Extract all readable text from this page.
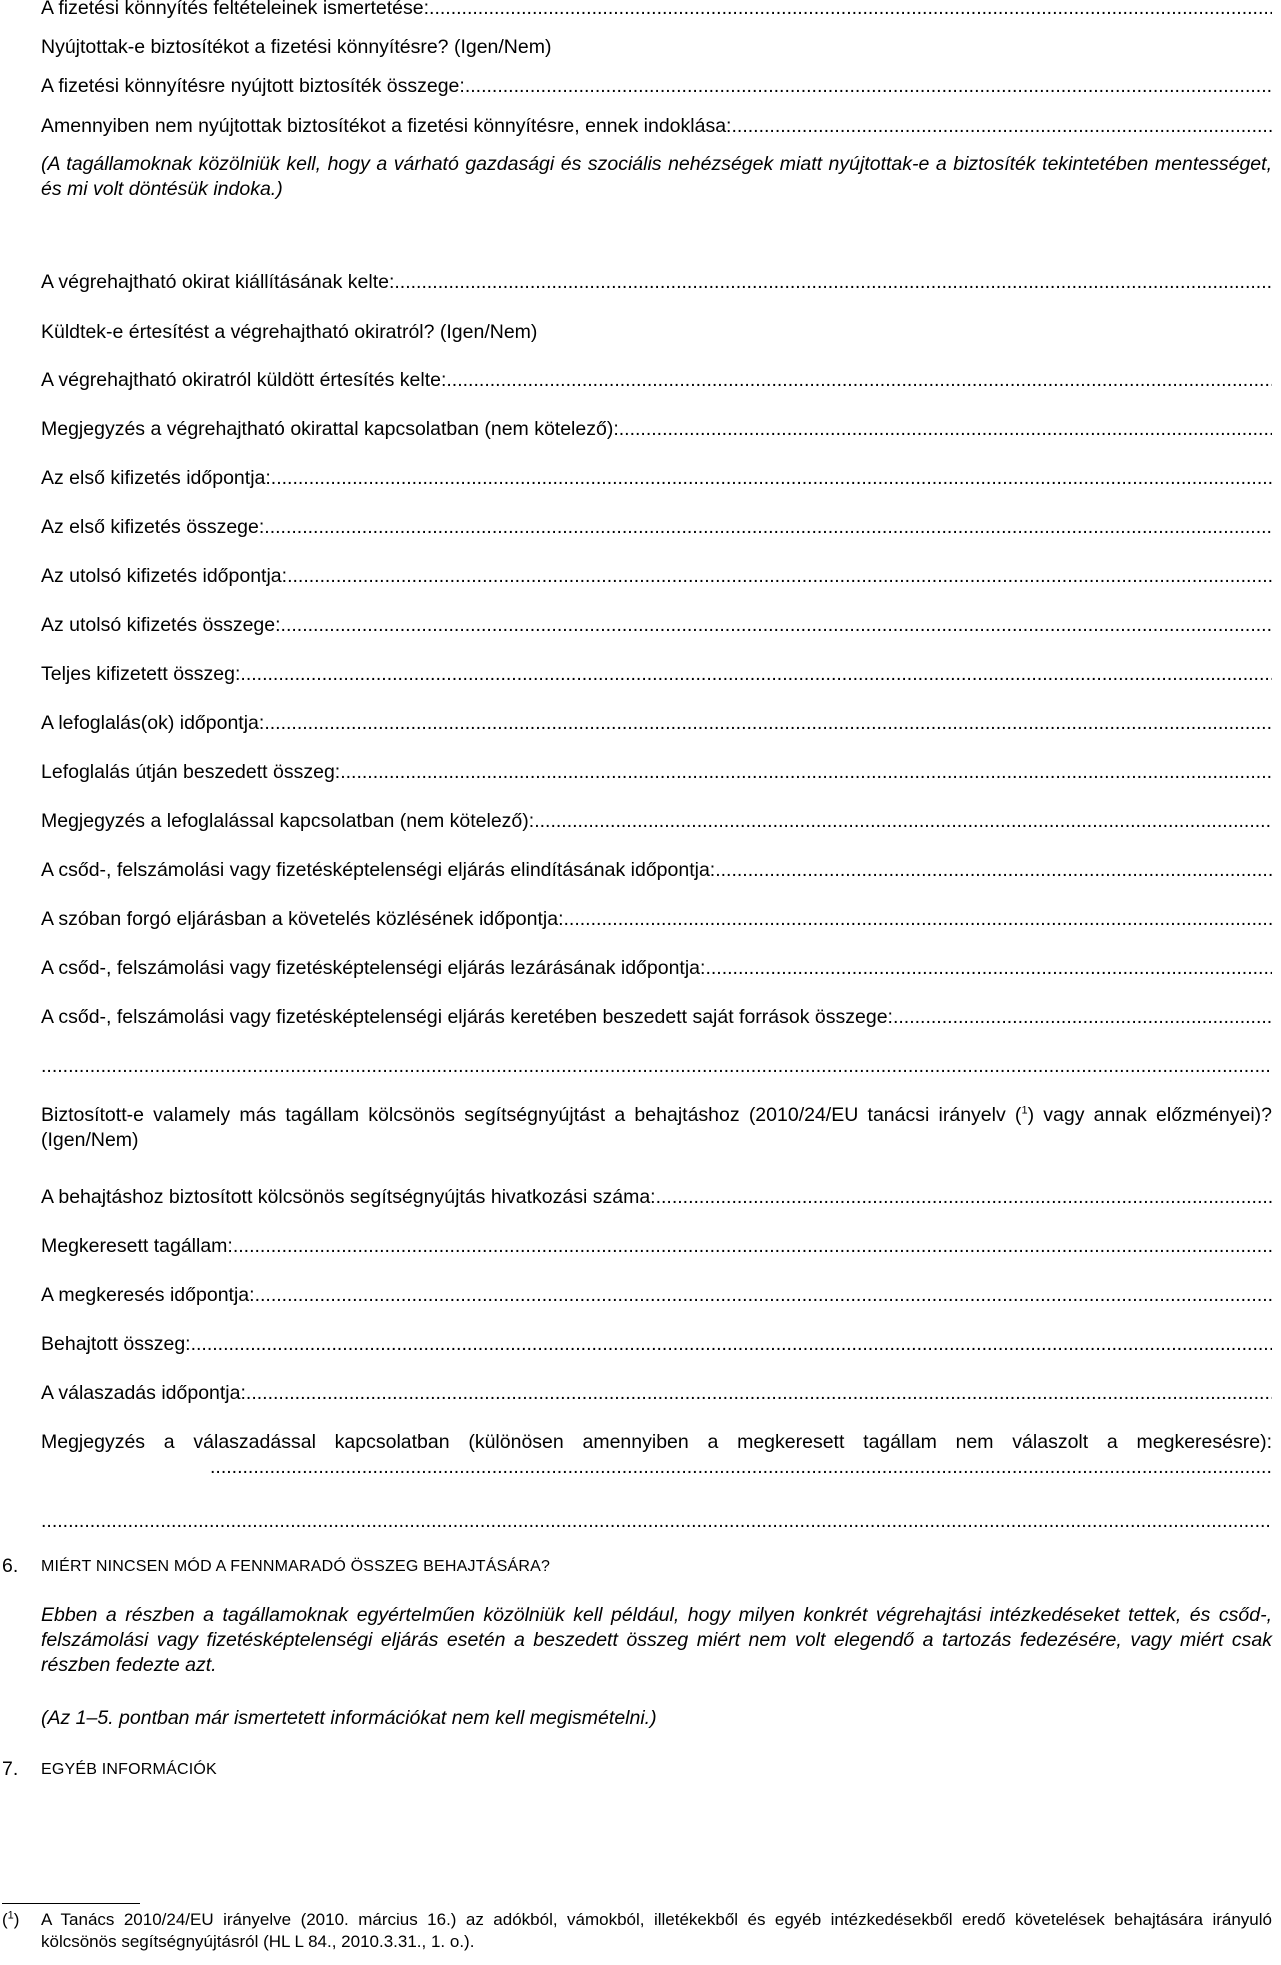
A fizetési könnyítés feltételeinek ismertetése:
.....
Nyújtottak-e biztosítékot a fizetési könnyítésre? (Igen/Nem)
A fizetési könnyítésre nyújtott biztosíték összege:
.....
Amennyiben nem nyújtottak biztosítékot a fizetési könnyítésre, ennek indoklása:
.....
(A tagállamoknak közölniük kell, hogy a várható gazdasági és szociális nehézségek miatt nyújtottak-e a biztosíték tekintetében mentességet, és mi volt döntésük indoka.)
A végrehajtható okirat kiállításának kelte:
.....
Küldtek-e értesítést a végrehajtható okiratról? (Igen/Nem)
A végrehajtható okiratról küldött értesítés kelte:
.....
Megjegyzés a végrehajtható okirattal kapcsolatban (nem kötelező):
.....
Az első kifizetés időpontja:
.....
Az első kifizetés összege:
.....
Az utolsó kifizetés időpontja:
.....
Az utolsó kifizetés összege:
.....
Teljes kifizetett összeg:
.....
A lefoglalás(ok) időpontja:
.....
Lefoglalás útján beszedett összeg:
.....
Megjegyzés a lefoglalással kapcsolatban (nem kötelező):
.....
A csőd-, felszámolási vagy fizetésképtelenségi eljárás elindításának időpontja:
.....
A szóban forgó eljárásban a követelés közlésének időpontja:
.....
A csőd-, felszámolási vagy fizetésképtelenségi eljárás lezárásának időpontja:
.....
A csőd-, felszámolási vagy fizetésképtelenségi eljárás keretében beszedett saját források összege:
.....
.....
Biztosított-e valamely más tagállam kölcsönös segítségnyújtást a behajtáshoz (2010/24/EU tanácsi irányelv ($^1$) vagy annak előzményei)? (Igen/Nem)
A behajtáshoz biztosított kölcsönös segítségnyújtás hivatkozási száma:
.....
Megkeresett tagállam:
.....
A megkeresés időpontja:
.....
Behajtott összeg:
.....
A válaszadás időpontja:
.....
Megjegyzés a válaszadással kapcsolatban (különösen amennyiben a megkeresett tagállam nem válaszolt a megkeresésre):
.....
.....
6. MIÉRT NINCSEN MÓD A FENNMARADÓ ÖSSZEG BEHAJTÁSÁRA?
Ebben a részben a tagállamoknak egyértelműen közölniük kell például, hogy milyen konkrét végrehajtási intézkedéseket tettek, és csőd-, felszámolási vagy fizetésképtelenségi eljárás esetén a beszedett összeg miért nem volt elegendő a tartozás fedezésére, vagy miért csak részben fedezte azt.
(Az 1–5. pontban már ismertetett információkat nem kell megismételni.)
7. EGYÉB INFORMÁCIÓK
($^1$) A Tanács 2010/24/EU irányelve (2010. március 16.) az adókból, vámokból, illetékekből és egyéb intézkedésekből eredő követelések behajtására irányuló kölcsönös segítségnyújtásról (HL L 84., 2010.3.31., 1. o.).
